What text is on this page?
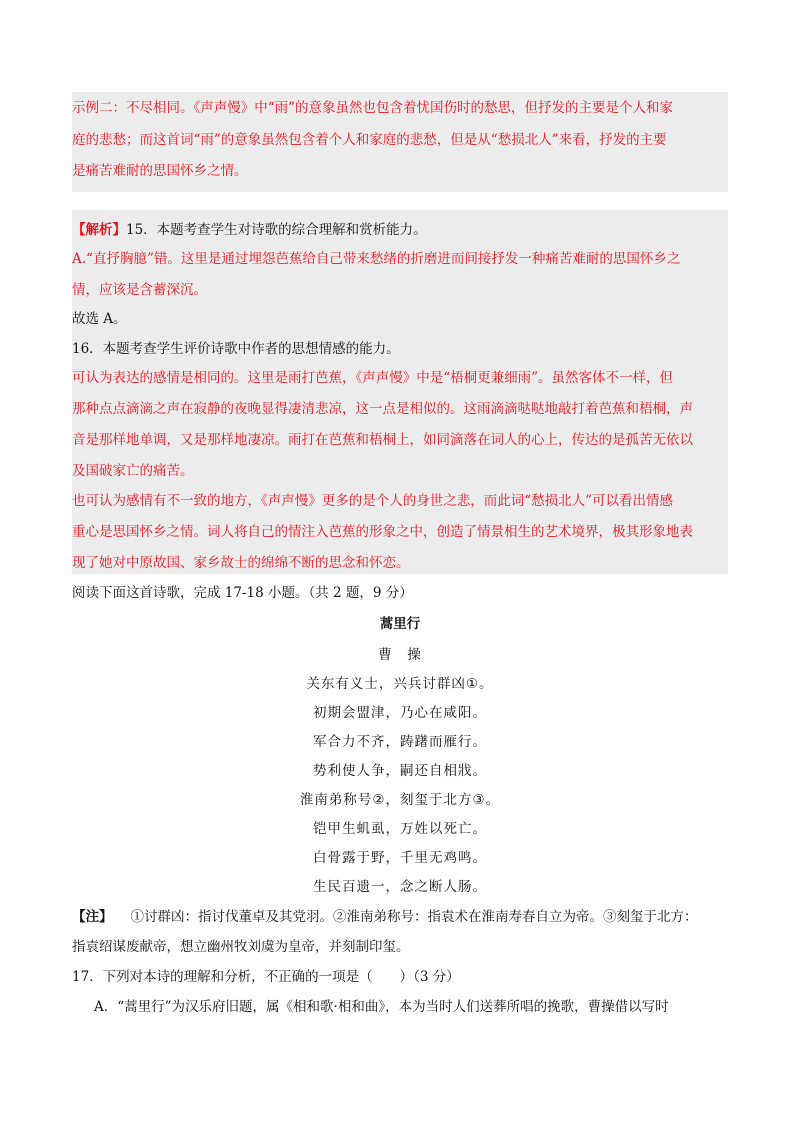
示例二：不尽相同。《声声慢》中“雨”的意象虽然也包含着忧国伤时的愁思，但抒发的主要是个人和家
庭的悲愁；而这首词“雨”的意象虽然包含着个人和家庭的悲愁，但是从“愁损北人”来看，抒发的主要
是痛苦难耐的思国怀乡之情。
【解析】15．本题考查学生对诗歌的综合理解和赏析能力。
A.“直抒胸臆”错。这里是通过埋怨芭蕉给自己带来愁绪的折磨进而间接抒发一种痛苦难耐的思国怀乡之
情，应该是含蓄深沉。
故选 A。
16．本题考查学生评价诗歌中作者的思想情感的能力。
可认为表达的感情是相同的。这里是雨打芭蕉，《声声慢》中是“梧桐更兼细雨”。虽然客体不一样，但
那种点点滴滴之声在寂静的夜晚显得凄清悲凉，这一点是相似的。这雨滴滴哒哒地敲打着芭蕉和梧桐，声
音是那样地单调，又是那样地凄凉。雨打在芭蕉和梧桐上，如同滴落在词人的心上，传达的是孤苦无依以
及国破家亡的痛苦。
也可认为感情有不一致的地方，《声声慢》更多的是个人的身世之悲，而此词“愁损北人”可以看出情感
重心是思国怀乡之情。词人将自己的情注入芭蕉的形象之中，创造了情景相生的艺术境界，极其形象地表
现了她对中原故国、家乡故士的绵绵不断的思念和怀恋。
阅读下面这首诗歌，完成 17-18 小题。（共 2 题，9 分）
蒿里行
曹　操
关东有义士，兴兵讨群凶①。
初期会盟津，乃心在咸阳。
军合力不齐，踌躇而雁行。
势利使人争，嗣还自相戕。
淮南弟称号②，刻玺于北方③。
铠甲生虮虱，万姓以死亡。
白骨露于野，千里无鸡鸣。
生民百遗一，念之断人肠。
【注】 ①讨群凶：指讨伐董卓及其党羽。②淮南弟称号：指袁术在淮南寿春自立为帝。③刻玺于北方：
指袁绍谋废献帝，想立幽州牧刘虞为皇帝，并刻制印玺。
17．下列对本诗的理解和分析，不正确的一项是（　　）（3 分）
A．“蒿里行”为汉乐府旧题，属《相和歌·相和曲》，本为当时人们送葬所唱的挽歌，曹操借以写时
